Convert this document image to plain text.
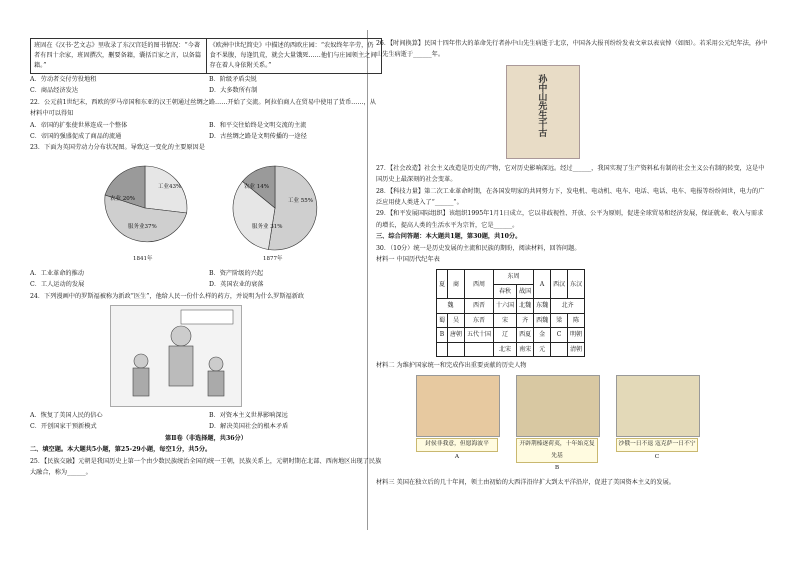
班固在《汉书·艺文志》里收录了东汉宫廷的图书情况：“今著者有四十余家，班固撰次，删要备籍，囊括百家之言，以备篇籍。”	《欧洲中世纪简史》中描述的西欧庄园：“农奴终年辛劳，仍食不果腹，每逢饥荒，就会大量饿死……他们与庄园领主之间存在着人身依附关系。”
A．劳动者交付劳役地租	B．阶级矛盾尖锐
C．商品经济发达	D．大多数所有制

22．公元前1世纪末，西欧的罗马帝国和东亚的汉王朝通过丝绸之路……开始了交流。阿拉伯商人在贸易中使用了货币……，从材料中可以得知

A．帝国的扩张使世界连成一个整体	B．和平交往始终是文明交流的主流
C．帝国的强盛促成了商品的流通	D．古丝绸之路是文明传播的一途径

23．下面为英国劳动力分布状况图。导致这一变化的主要原因是

农业 20%
工业43%
服务业37%
1841年
农业 14%
工业 55%
服务业 31%
1877年
A．工业革命的推动	B．资产阶级的兴起
C．工人运动的发展	D．英国农业的衰落

24．下列漫画中的罗斯福被称为新政“医生”，他给人民一份什么样的药方，并说明为什么罗斯福新政

A．恢复了美国人民的信心	B．对资本主义世界影响深远
C．开创国家干预新模式	D．解决美国社会的根本矛盾

第Ⅱ卷（非选择题，共36分）

二、填空题。本大题共5小题，第25-29小题，每空1分，共5分。

25．【民族交融】元朝是我国历史上第一个由少数民族统治全国的统一王朝，民族关系上，元朝时期在北部、西南地区出现了民族大融合，称为______。

26．【时间换算】民国十四年伟大的革命先行者孙中山先生病逝于北京，中国各大报刊纷纷发表文章以表哀悼（如图）。若采用公元纪年法，孙中山先生病逝于______年。

孙中山先生千古

27．【社会改造】社会主义改造是历史的产物，它对历史影响深远。经过______，我国实现了生产资料私有制的社会主义公有制的转变，这是中国历史上最深刻的社会变革。

28．【科技力量】第二次工业革命时期，在各国发明家的共同努力下，发电机、电动机、电车、电话、电话、电车、电报等纷纷问世，电力的广泛应用使人类进入了“______”。

29．【和平发展国际组织】该组织1995年1月1日成立，它以非歧视性、开放、公平为原则，促进全球贸易和经济发展，保证就业、收入与需求的增长，提高人类的生活水平为宗旨，它是______。

三、综合问答题：本大题共1题，第30题，共10分。

30．（10分）统一是历史发展的主流和民族的期盼，阅读材料，回答问题。

材料一 中国历代纪年表

夏	商	西周	东周		A	西汉	东汉
			春秋	战国			
魏		西晋	十六国	北魏	东魏	北齐	
蜀	吴	东晋	宋	齐	西魏	梁	陈
B	唐朝	五代十国	辽	西夏	金	C	明朝
			北宋	南宋	元		清朝

材料二 为维护国家统一和完成作出重要贡献的历史人物

封侯非我意，但愿海波平
A
开辟荆榛逐荷夷，十年始克复先基
B
沙俄一日不退 寇克萨一日不宁
C

材料三 美国在独立后的几十年间，领土由初始的大西洋沿岸扩大到太平洋沿岸，促进了美国资本主义的发展。
